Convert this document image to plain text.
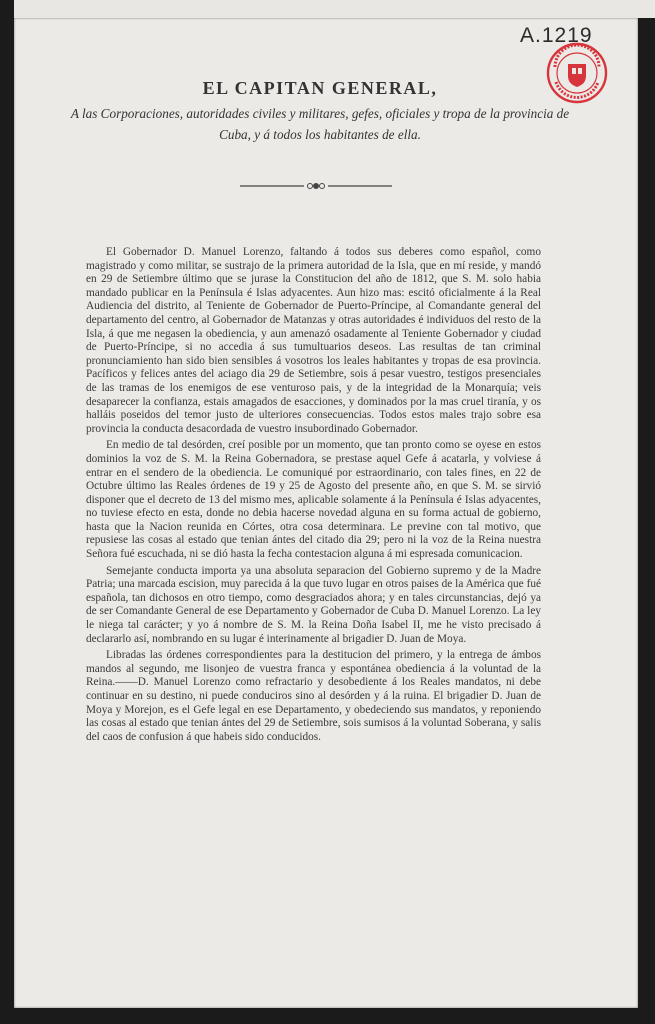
A.1219
EL CAPITAN GENERAL,
A las Corporaciones, autoridades civiles y militares, gefes, oficiales y tropa de la provincia de Cuba, y á todos los habitantes de ella.

El Gobernador D. Manuel Lorenzo, faltando á todos sus deberes como español, como magistrado y como militar, se sustrajo de la primera autoridad de la Isla, que en mí reside, y mandó en 29 de Setiembre último que se jurase la Constitucion del año de 1812, que S. M. solo habia mandado publicar en la Península é Islas adyacentes. Aun hizo mas: escitó oficialmente á la Real Audiencia del distrito, al Teniente de Gobernador de Puerto-Príncipe, al Comandante general del departamento del centro, al Gobernador de Matanzas y otras autoridades é individuos del resto de la Isla, á que me negasen la obediencia, y aun amenazó osadamente al Teniente Gobernador y ciudad de Puerto-Príncipe, si no accedia á sus tumultuarios deseos. Las resultas de tan criminal pronunciamiento han sido bien sensibles á vosotros los leales habitantes y tropas de esa provincia. Pacíficos y felices antes del aciago dia 29 de Setiembre, sois á pesar vuestro, testigos presenciales de las tramas de los enemigos de ese venturoso pais, y de la integridad de la Monarquía; veis desaparecer la confianza, estais amagados de esacciones, y dominados por la mas cruel tiranía, y os halláis poseidos del temor justo de ulteriores consecuencias. Todos estos males trajo sobre esa provincia la conducta desacordada de vuestro insubordinado Gobernador.

En medio de tal desórden, creí posible por un momento, que tan pronto como se oyese en estos dominios la voz de S. M. la Reina Gobernadora, se prestase aquel Gefe á acatarla, y volviese á entrar en el sendero de la obediencia. Le comuniqué por estraordinario, con tales fines, en 22 de Octubre último las Reales órdenes de 19 y 25 de Agosto del presente año, en que S. M. se sirvió disponer que el decreto de 13 del mismo mes, aplicable solamente á la Península é Islas adyacentes, no tuviese efecto en esta, donde no debia hacerse novedad alguna en su forma actual de gobierno, hasta que la Nacion reunida en Córtes, otra cosa determinara. Le previne con tal motivo, que repusiese las cosas al estado que tenian ántes del citado dia 29; pero ni la voz de la Reina nuestra Señora fué escuchada, ni se dió hasta la fecha contestacion alguna á mi espresada comunicacion.

Semejante conducta importa ya una absoluta separacion del Gobierno supremo y de la Madre Patria; una marcada escision, muy parecida á la que tuvo lugar en otros paises de la América que fué española, tan dichosos en otro tiempo, como desgraciados ahora; y en tales circunstancias, dejó ya de ser Comandante General de ese Departamento y Gobernador de Cuba D. Manuel Lorenzo. La ley le niega tal carácter; y yo á nombre de S. M. la Reina Doña Isabel II, me he visto precisado á declararlo así, nombrando en su lugar é interinamente al brigadier D. Juan de Moya.

Libradas las órdenes correspondientes para la destitucion del primero, y la entrega de ámbos mandos al segundo, me lisonjeo de vuestra franca y espontánea obediencia á la voluntad de la Reina.——D. Manuel Lorenzo como refractario y desobediente á los Reales mandatos, ni debe continuar en su destino, ni puede conduciros sino al desórden y á la ruina. El brigadier D. Juan de Moya y Morejon, es el Gefe legal en ese Departamento, y obedeciendo sus mandatos, y reponiendo las cosas al estado que tenian ántes del 29 de Setiembre, sois sumisos á la voluntad Soberana, y salis del caos de confusion á que habeis sido conducidos.
